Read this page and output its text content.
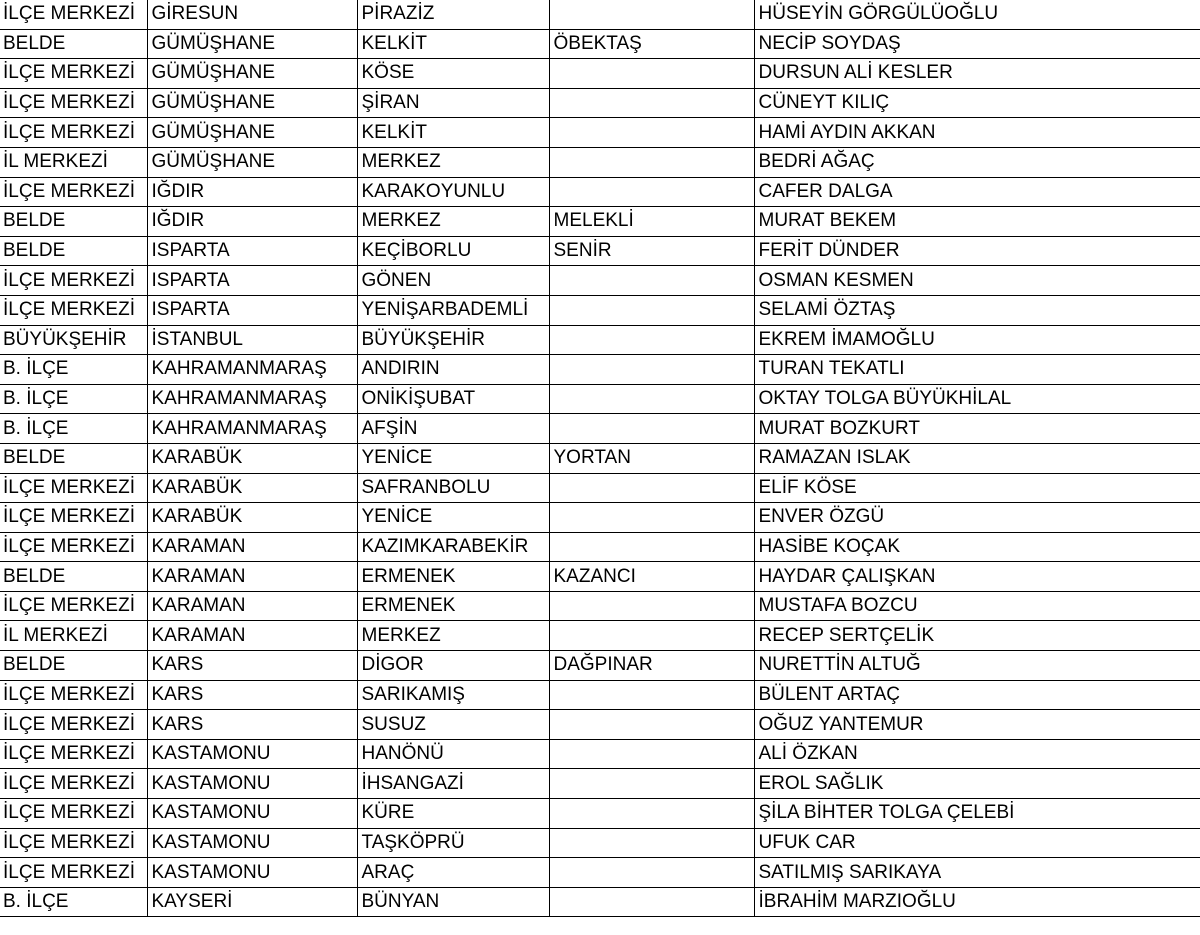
İLÇE MERKEZİ	GİRESUN	PİRAZİZ		HÜSEYİN GÖRGÜLÜOĞLU
BELDE	GÜMÜŞHANE	KELKİT	ÖBEKTAŞ	NECİP SOYDAŞ
İLÇE MERKEZİ	GÜMÜŞHANE	KÖSE		DURSUN ALİ KESLER
İLÇE MERKEZİ	GÜMÜŞHANE	ŞİRAN		CÜNEYT KILIÇ
İLÇE MERKEZİ	GÜMÜŞHANE	KELKİT		HAMİ AYDIN AKKAN
İL MERKEZİ	GÜMÜŞHANE	MERKEZ		BEDRİ AĞAÇ
İLÇE MERKEZİ	IĞDIR	KARAKOYUNLU		CAFER DALGA
BELDE	IĞDIR	MERKEZ	MELEKLİ	MURAT BEKEM
BELDE	ISPARTA	KEÇİBORLU	SENİR	FERİT DÜNDER
İLÇE MERKEZİ	ISPARTA	GÖNEN		OSMAN KESMEN
İLÇE MERKEZİ	ISPARTA	YENİŞARBADEMLİ		SELAMİ ÖZTAŞ
BÜYÜKŞEHİR	İSTANBUL	BÜYÜKŞEHİR		EKREM İMAMOĞLU
B. İLÇE	KAHRAMANMARAŞ	ANDIRIN		TURAN TEKATLI
B. İLÇE	KAHRAMANMARAŞ	ONİKİŞUBAT		OKTAY TOLGA BÜYÜKHİLAL
B. İLÇE	KAHRAMANMARAŞ	AFŞİN		MURAT BOZKURT
BELDE	KARABÜK	YENİCE	YORTAN	RAMAZAN ISLAK
İLÇE MERKEZİ	KARABÜK	SAFRANBOLU		ELİF KÖSE
İLÇE MERKEZİ	KARABÜK	YENİCE		ENVER ÖZGÜ
İLÇE MERKEZİ	KARAMAN	KAZIMKARABEKİR		HASİBE KOÇAK
BELDE	KARAMAN	ERMENEK	KAZANCI	HAYDAR ÇALIŞKAN
İLÇE MERKEZİ	KARAMAN	ERMENEK		MUSTAFA BOZCU
İL MERKEZİ	KARAMAN	MERKEZ		RECEP SERTÇELİK
BELDE	KARS	DİGOR	DAĞPINAR	NURETTİN ALTUĞ
İLÇE MERKEZİ	KARS	SARIKAMIŞ		BÜLENT ARTAÇ
İLÇE MERKEZİ	KARS	SUSUZ		OĞUZ YANTEMUR
İLÇE MERKEZİ	KASTAMONU	HANÖNÜ		ALİ ÖZKAN
İLÇE MERKEZİ	KASTAMONU	İHSANGAZİ		EROL SAĞLIK
İLÇE MERKEZİ	KASTAMONU	KÜRE		ŞİLA BİHTER TOLGA ÇELEBİ
İLÇE MERKEZİ	KASTAMONU	TAŞKÖPRÜ		UFUK CAR
İLÇE MERKEZİ	KASTAMONU	ARAÇ		SATILMIŞ SARIKAYA
B. İLÇE	KAYSERİ	BÜNYAN		İBRAHİM MARZIOĞLU
